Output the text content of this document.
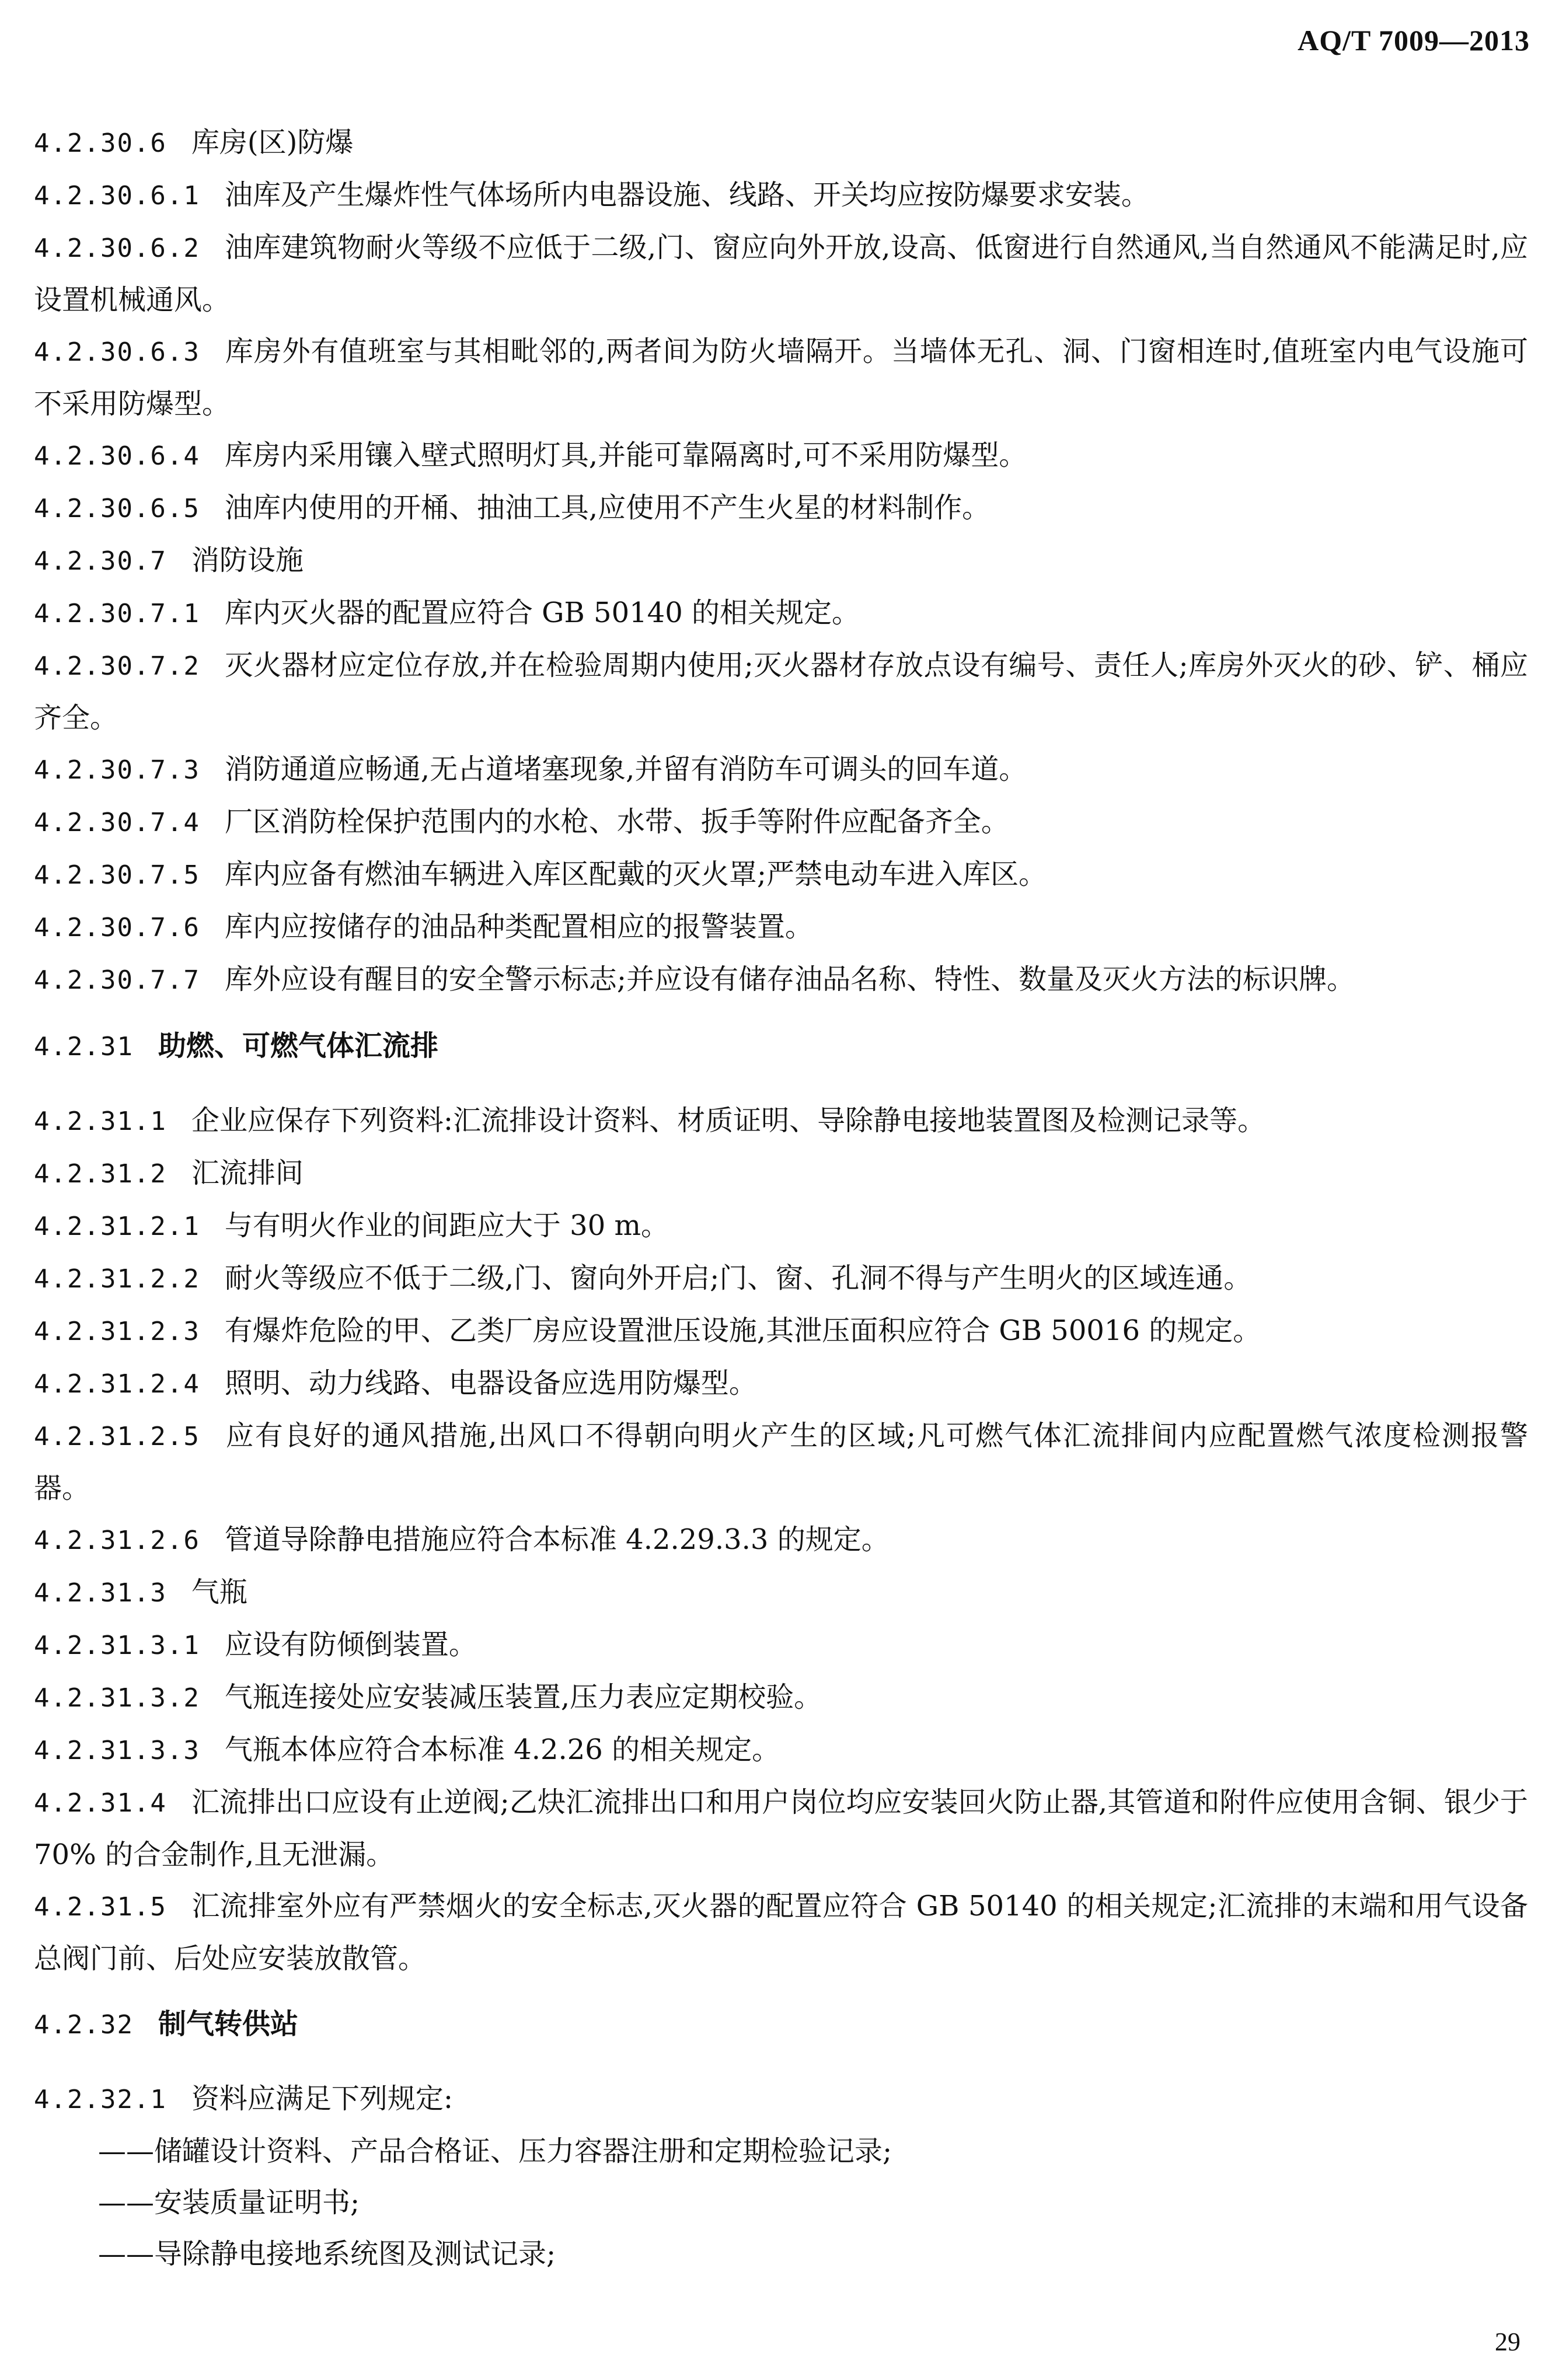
AQ/T 7009—2013

4.2.30.6 库房(区)防爆

4.2.30.6.1 油库及产生爆炸性气体场所内电器设施、线路、开关均应按防爆要求安装。

4.2.30.6.2 油库建筑物耐火等级不应低于二级,门、窗应向外开放,设高、低窗进行自然通风,当自然通风不能满足时,应设置机械通风。

4.2.30.6.3 库房外有值班室与其相毗邻的,两者间为防火墙隔开。当墙体无孔、洞、门窗相连时,值班室内电气设施可不采用防爆型。

4.2.30.6.4 库房内采用镶入壁式照明灯具,并能可靠隔离时,可不采用防爆型。

4.2.30.6.5 油库内使用的开桶、抽油工具,应使用不产生火星的材料制作。

4.2.30.7 消防设施

4.2.30.7.1 库内灭火器的配置应符合 GB 50140 的相关规定。

4.2.30.7.2 灭火器材应定位存放,并在检验周期内使用;灭火器材存放点设有编号、责任人;库房外灭火的砂、铲、桶应齐全。

4.2.30.7.3 消防通道应畅通,无占道堵塞现象,并留有消防车可调头的回车道。

4.2.30.7.4 厂区消防栓保护范围内的水枪、水带、扳手等附件应配备齐全。

4.2.30.7.5 库内应备有燃油车辆进入库区配戴的灭火罩;严禁电动车进入库区。

4.2.30.7.6 库内应按储存的油品种类配置相应的报警装置。

4.2.30.7.7 库外应设有醒目的安全警示标志;并应设有储存油品名称、特性、数量及灭火方法的标识牌。

4.2.31 助燃、可燃气体汇流排

4.2.31.1 企业应保存下列资料:汇流排设计资料、材质证明、导除静电接地装置图及检测记录等。

4.2.31.2 汇流排间

4.2.31.2.1 与有明火作业的间距应大于 30 m。

4.2.31.2.2 耐火等级应不低于二级,门、窗向外开启;门、窗、孔洞不得与产生明火的区域连通。

4.2.31.2.3 有爆炸危险的甲、乙类厂房应设置泄压设施,其泄压面积应符合 GB 50016 的规定。

4.2.31.2.4 照明、动力线路、电器设备应选用防爆型。

4.2.31.2.5 应有良好的通风措施,出风口不得朝向明火产生的区域;凡可燃气体汇流排间内应配置燃气浓度检测报警器。

4.2.31.2.6 管道导除静电措施应符合本标准 4.2.29.3.3 的规定。

4.2.31.3 气瓶

4.2.31.3.1 应设有防倾倒装置。

4.2.31.3.2 气瓶连接处应安装减压装置,压力表应定期校验。

4.2.31.3.3 气瓶本体应符合本标准 4.2.26 的相关规定。

4.2.31.4 汇流排出口应设有止逆阀;乙炔汇流排出口和用户岗位均应安装回火防止器,其管道和附件应使用含铜、银少于 70% 的合金制作,且无泄漏。

4.2.31.5 汇流排室外应有严禁烟火的安全标志,灭火器的配置应符合 GB 50140 的相关规定;汇流排的末端和用气设备总阀门前、后处应安装放散管。

4.2.32 制气转供站

4.2.32.1 资料应满足下列规定:

——储罐设计资料、产品合格证、压力容器注册和定期检验记录;

——安装质量证明书;

——导除静电接地系统图及测试记录;

29
